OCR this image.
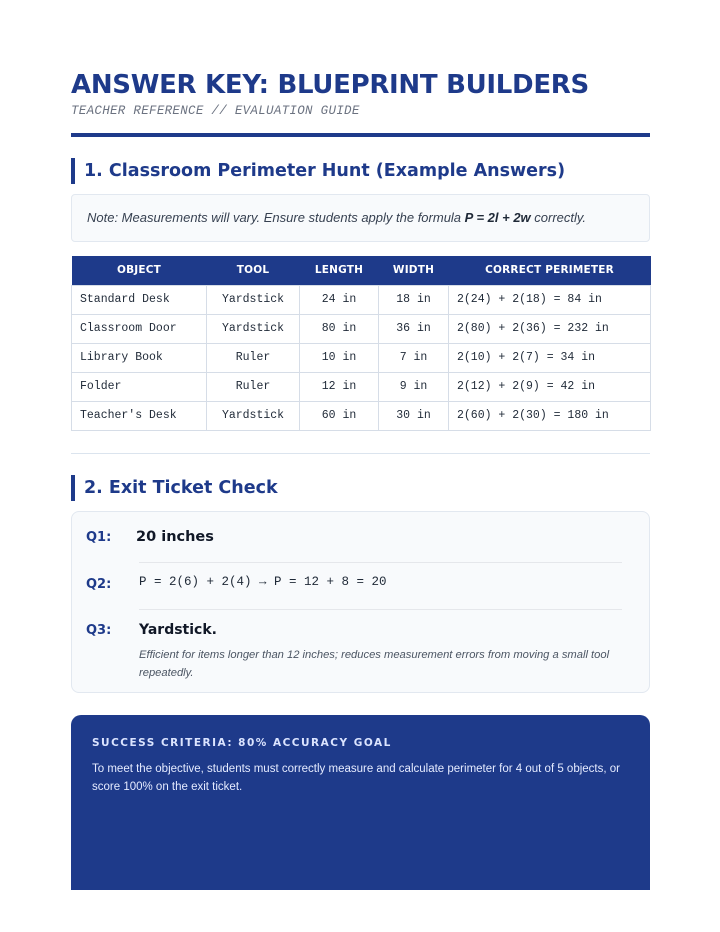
ANSWER KEY: BLUEPRINT BUILDERS
TEACHER REFERENCE // EVALUATION GUIDE
1. Classroom Perimeter Hunt (Example Answers)
Note: Measurements will vary. Ensure students apply the formula P = 2l + 2w correctly.
OBJECT	TOOL	LENGTH	WIDTH	CORRECT PERIMETER
Standard Desk	Yardstick	24 in	18 in	2(24) + 2(18) = 84 in
Classroom Door	Yardstick	80 in	36 in	2(80) + 2(36) = 232 in
Library Book	Ruler	10 in	7 in	2(10) + 2(7) = 34 in
Folder	Ruler	12 in	9 in	2(12) + 2(9) = 42 in
Teacher's Desk	Yardstick	60 in	30 in	2(60) + 2(30) = 180 in
2. Exit Ticket Check
Q1: 20 inches
Q2: P = 2(6) + 2(4) → P = 12 + 8 = 20
Q3: Yardstick.

Efficient for items longer than 12 inches; reduces measurement errors from moving a small tool repeatedly.

SUCCESS CRITERIA: 80% ACCURACY GOAL

To meet the objective, students must correctly measure and calculate perimeter for 4 out of 5 objects, or score 100% on the exit ticket.
